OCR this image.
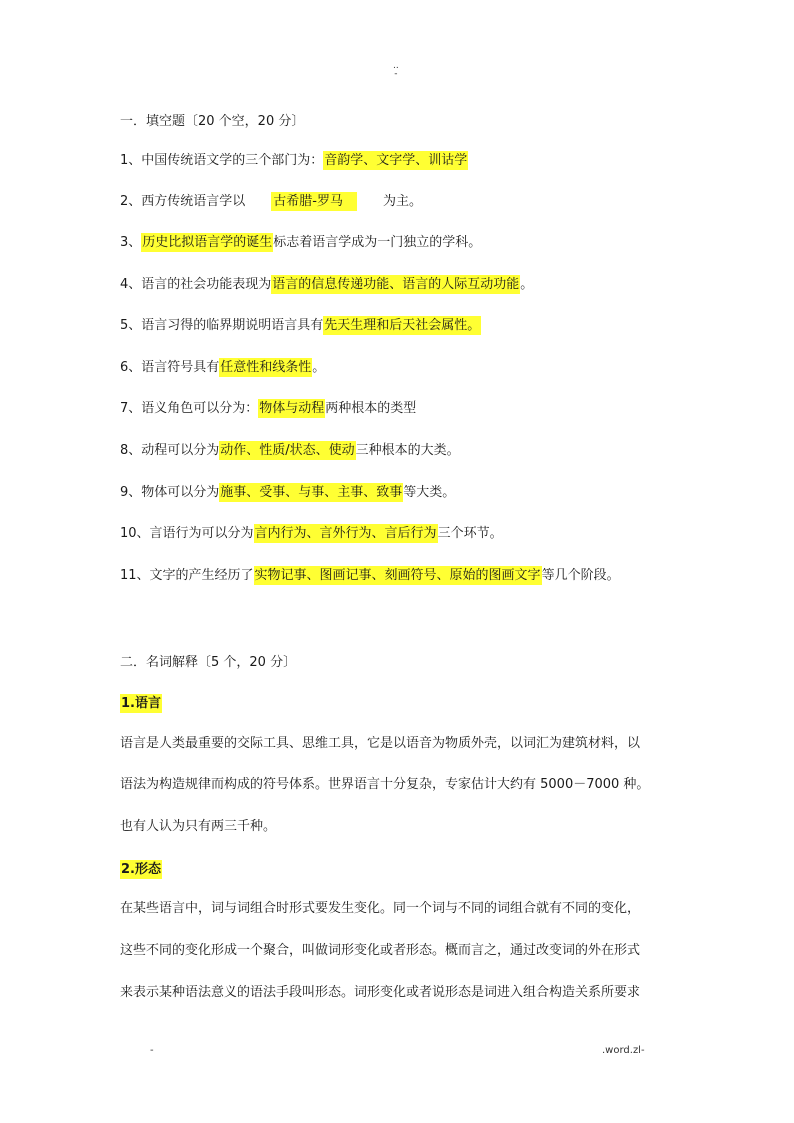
..
-
一．填空题〔20 个空，20 分〕
1、中国传统语文学的三个部门为：音韵学、文字学、训诂学
2、西方传统语言学以 古希腊-罗马	为主。
3、历史比拟语言学的诞生标志着语言学成为一门独立的学科。
4、语言的社会功能表现为语言的信息传递功能、语言的人际互动功能。
5、语言习得的临界期说明语言具有先天生理和后天社会属性。
6、语言符号具有任意性和线条性。
7、语义角色可以分为：物体与动程两种根本的类型
8、动程可以分为动作、性质/状态、使动三种根本的大类。
9、物体可以分为施事、受事、与事、主事、致事等大类。
10、言语行为可以分为言内行为、言外行为、言后行为三个环节。
11、文字的产生经历了实物记事、图画记事、刻画符号、原始的图画文字等几个阶段。
二．名词解释〔5 个，20 分〕
1.语言
语言是人类最重要的交际工具、思维工具，它是以语音为物质外壳，以词汇为建筑材料，以
语法为构造规律而构成的符号体系。世界语言十分复杂，专家估计大约有 5000－7000 种。
也有人认为只有两三千种。
2.形态
在某些语言中，词与词组合时形式要发生变化。同一个词与不同的词组合就有不同的变化，
这些不同的变化形成一个聚合，叫做词形变化或者形态。概而言之，通过改变词的外在形式
来表示某种语法意义的语法手段叫形态。词形变化或者说形态是词进入组合构造关系所要求
-	.word.zl-
